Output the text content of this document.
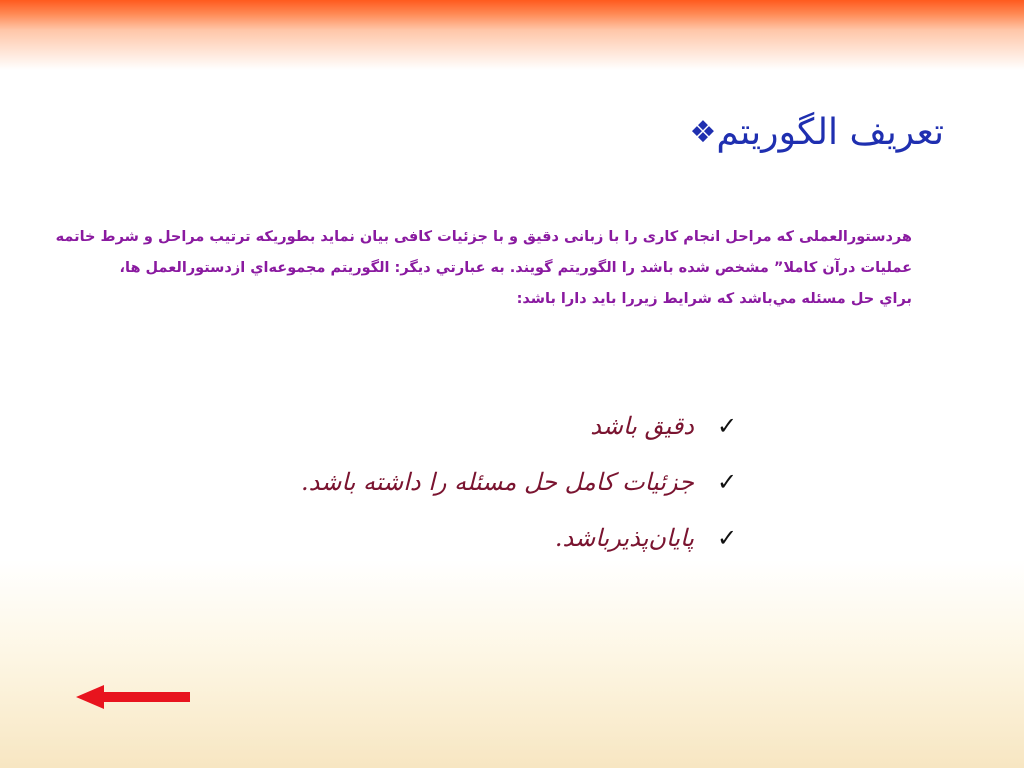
❖ تعريف الگوريتم
هردستورالعملی که مراحل انجام کاری را با زبانی دقيق و با جزئيات کافی بيان نمايد بطوريکه ترتيب مراحل و شرط خاتمه
عمليات درآن کاملا” مشخص شده باشد را الگوريتم گويند. به عبارتي ديگر: الگوريتم مجموعه‌اي ازدستورالعمل ها،
براي حل مسئله مي‌باشد که شرايط زيررا بايد دارا باشد:
✓
دقيق باشد
✓
جزئيات کامل حل مسئله را داشته باشد.
✓
پايان‌پذيرباشد.
